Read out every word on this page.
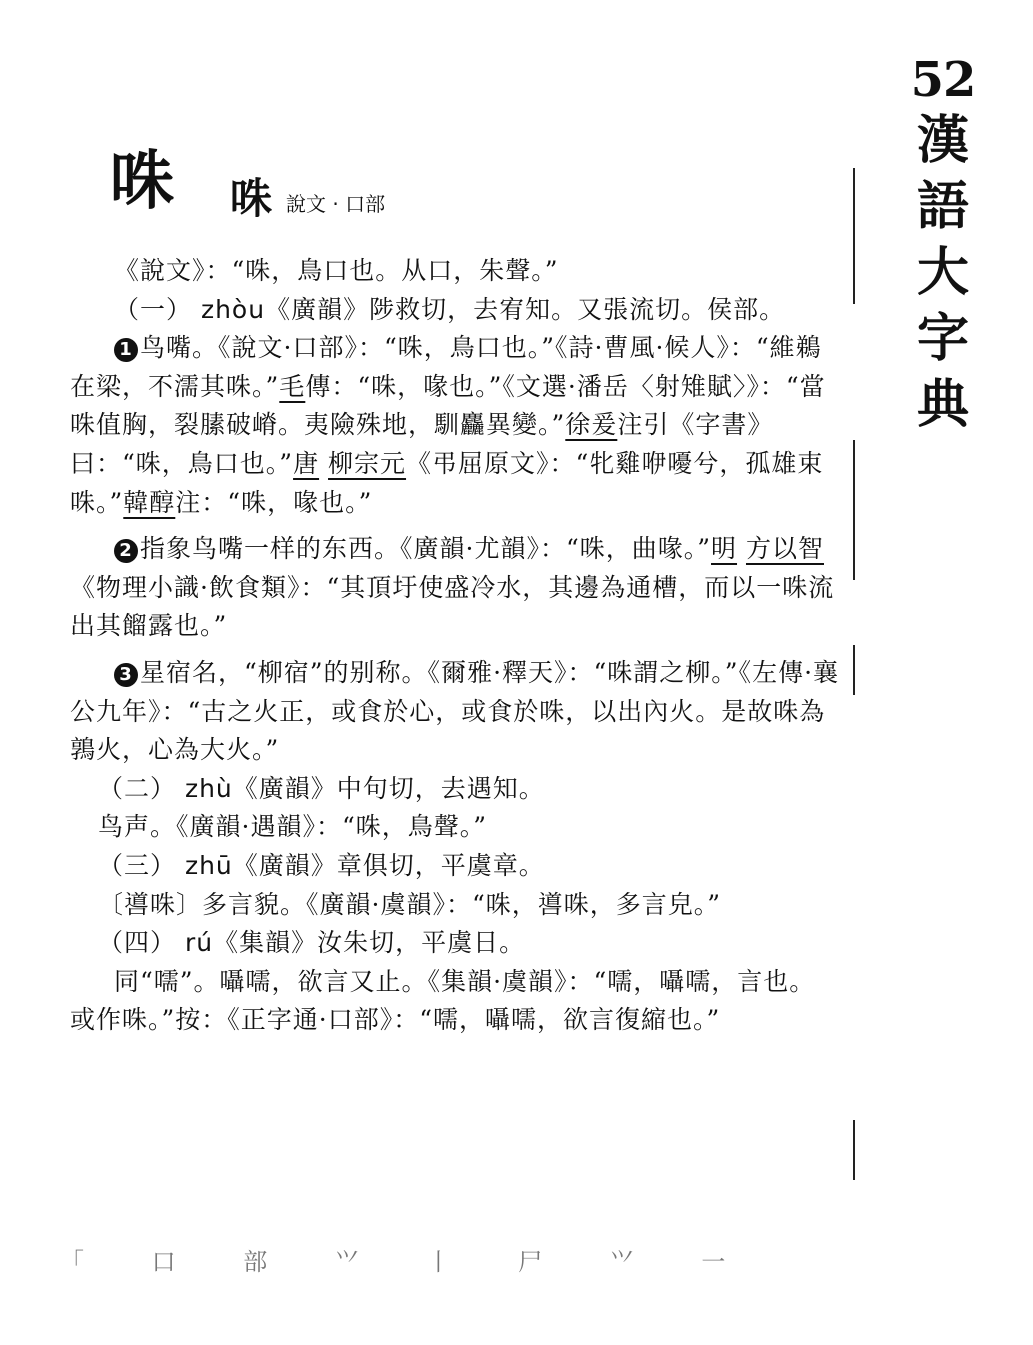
52
漢
語
大
字
典
咮 咮 說文 · 口部

《說文》：“咮，鳥口也。从口，朱聲。”

（一） zhòu《廣韻》陟救切，去宥知。又張流切。侯部。

1 鸟嘴。《說文·口部》：“咮，鳥口也。”《詩·曹風·候人》：“維鵜在梁，不濡其咮。”毛傳：“咮，喙也。”《文選·潘岳〈射雉賦〉》：“當咮值胸，裂膆破嵴。夷險殊地，馴麤異變。”徐爰注引《字書》曰：“咮，鳥口也。”唐 柳宗元《弔屈原文》：“牝雞咿嚘兮，孤雄束咮。”韓醇注：“咮，喙也。”

2 指象鸟嘴一样的东西。《廣韻·尤韻》：“咮，曲喙。”明 方以智《物理小識·飲食類》：“其頂圩使盛冷水，其邊為通槽，而以一咮流出其餾露也。”

3 星宿名，“柳宿”的别称。《爾雅·釋天》：“咮謂之柳。”《左傳·襄公九年》：“古之火正，或食於心，或食於咮，以出內火。是故咮為鶉火，心為大火。”

（二） zhù《廣韻》中句切，去遇知。

鸟声。《廣韻·遇韻》：“咮，鳥聲。”

（三） zhū《廣韻》章俱切，平虞章。

〔噵咮〕多言貌。《廣韻·虞韻》：“咮，噵咮，多言皃。”

（四） rú《集韻》汝朱切，平虞日。

同“嚅”。囁嚅，欲言又止。《集韻·虞韻》：“嚅，囁嚅，言也。或作咮。”按：《正字通·口部》：“嚅，囁嚅，欲言復縮也。”

「 ⼝ 部 ⺍ ⼁ ⼫ ⺍ ⼀
